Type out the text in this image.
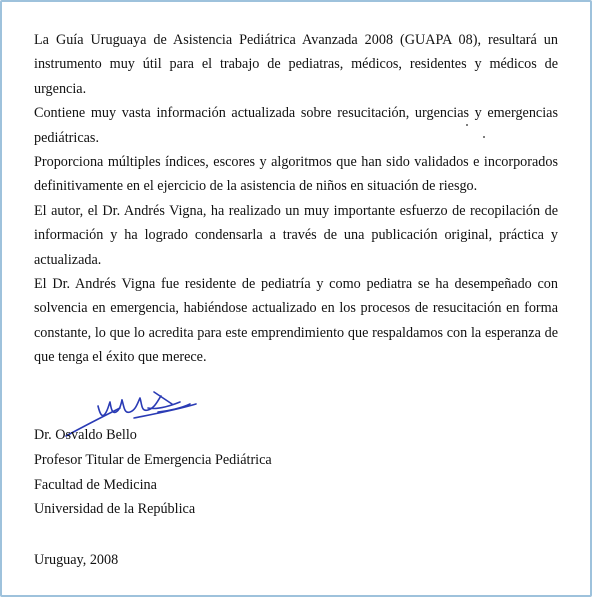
La Guía Uruguaya de Asistencia Pediátrica Avanzada 2008 (GUAPA 08), resultará un instrumento muy útil para el trabajo de pediatras, médicos, residentes y médicos de urgencia.

Contiene muy vasta información actualizada sobre resucitación, urgencias y emergencias pediátricas.

Proporciona múltiples índices, escores y algoritmos que han sido validados e incorporados definitivamente en el ejercicio de la asistencia de niños en situación de riesgo.

El autor, el Dr. Andrés Vigna, ha realizado un muy importante esfuerzo de recopilación de información y ha logrado condensarla a través de una publicación original, práctica y actualizada.

El Dr. Andrés Vigna fue residente de pediatría y como pediatra se ha desempeñado con solvencia en emergencia, habiéndose actualizado en los procesos de resucitación en forma constante, lo que lo acredita para este emprendimiento que respaldamos con la esperanza de que tenga el éxito que merece.

Dr. Osvaldo Bello
Profesor Titular de Emergencia Pediátrica
Facultad de Medicina
Universidad de la República
Uruguay, 2008
